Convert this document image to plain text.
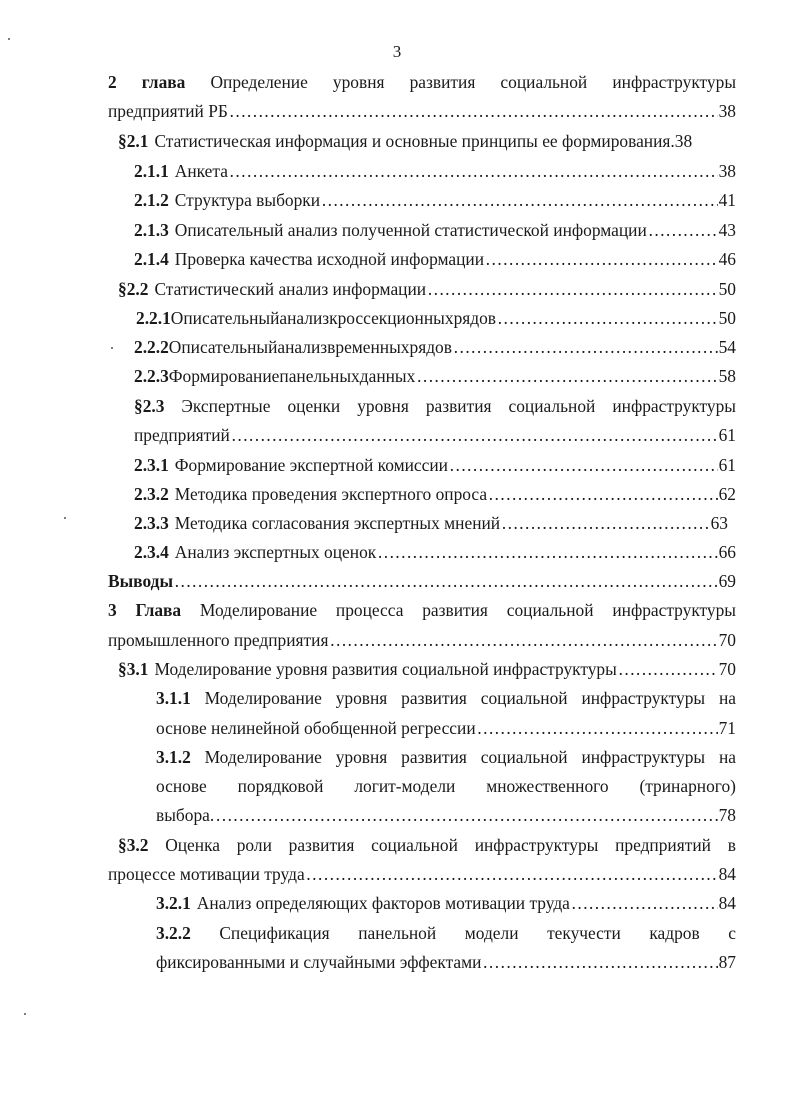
3
2 глава Определение уровня развития социальной инфраструктуры
предприятий РБ ……………………………………………………………………………………………………………………………………………………………………………………………………	38
§2.1 Статистическая информация и основные принципы ее формирования. 38
2.1.1 Анкета ……………………………………………………………………………………………………………………………………………………………………………………………………	38
2.1.2 Структура выборки ……………………………………………………………………………………………………………………………………………………………………………………………………	41
2.1.3 Описательный анализ полученной статистической информации ……………………………………………………………………………………………………………………………………………………………………………………………………	43
2.1.4 Проверка качества исходной информации ……………………………………………………………………………………………………………………………………………………………………………………………………	46
§2.2 Статистический анализ информации ……………………………………………………………………………………………………………………………………………………………………………………………………	50
2.2.1 Описательный анализ кроссекционных рядов ……………………………………………………………………………………………………………………………………………………………………………………………………	50
2.2.2 Описательный анализ временных рядов ……………………………………………………………………………………………………………………………………………………………………………………………………	54
2.2.3 Формирование панельных данных ……………………………………………………………………………………………………………………………………………………………………………………………………	58
§2.3 Экспертные оценки уровня развития социальной инфраструктуры
предприятий ……………………………………………………………………………………………………………………………………………………………………………………………………	61
2.3.1 Формирование экспертной комиссии ……………………………………………………………………………………………………………………………………………………………………………………………………	61
2.3.2 Методика проведения экспертного опроса ……………………………………………………………………………………………………………………………………………………………………………………………………	62
2.3.3 Методика согласования экспертных мнений ……………………………………………………………………………………………………………………………………………………………………………………………………	63
2.3.4 Анализ экспертных оценок ……………………………………………………………………………………………………………………………………………………………………………………………………	66
Выводы ……………………………………………………………………………………………………………………………………………………………………………………………………	69
3 Глава Моделирование процесса развития социальной инфраструктуры
промышленного предприятия ……………………………………………………………………………………………………………………………………………………………………………………………………	70
§3.1 Моделирование уровня развития социальной инфраструктуры ……………………………………………………………………………………………………………………………………………………………………………………………………	70
3.1.1 Моделирование уровня развития социальной инфраструктуры на
основе нелинейной обобщенной регрессии ……………………………………………………………………………………………………………………………………………………………………………………………………	71
3.1.2 Моделирование уровня развития социальной инфраструктуры на
основе порядковой логит-модели множественного (тринарного)
выбора. ……………………………………………………………………………………………………………………………………………………………………………………………………	78
§3.2 Оценка роли развития социальной инфраструктуры предприятий в
процессе мотивации труда ……………………………………………………………………………………………………………………………………………………………………………………………………	84
3.2.1 Анализ определяющих факторов мотивации труда ……………………………………………………………………………………………………………………………………………………………………………………………………	84
3.2.2 Спецификация панельной модели текучести кадров с
фиксированными и случайными эффектами ……………………………………………………………………………………………………………………………………………………………………………………………………	87
